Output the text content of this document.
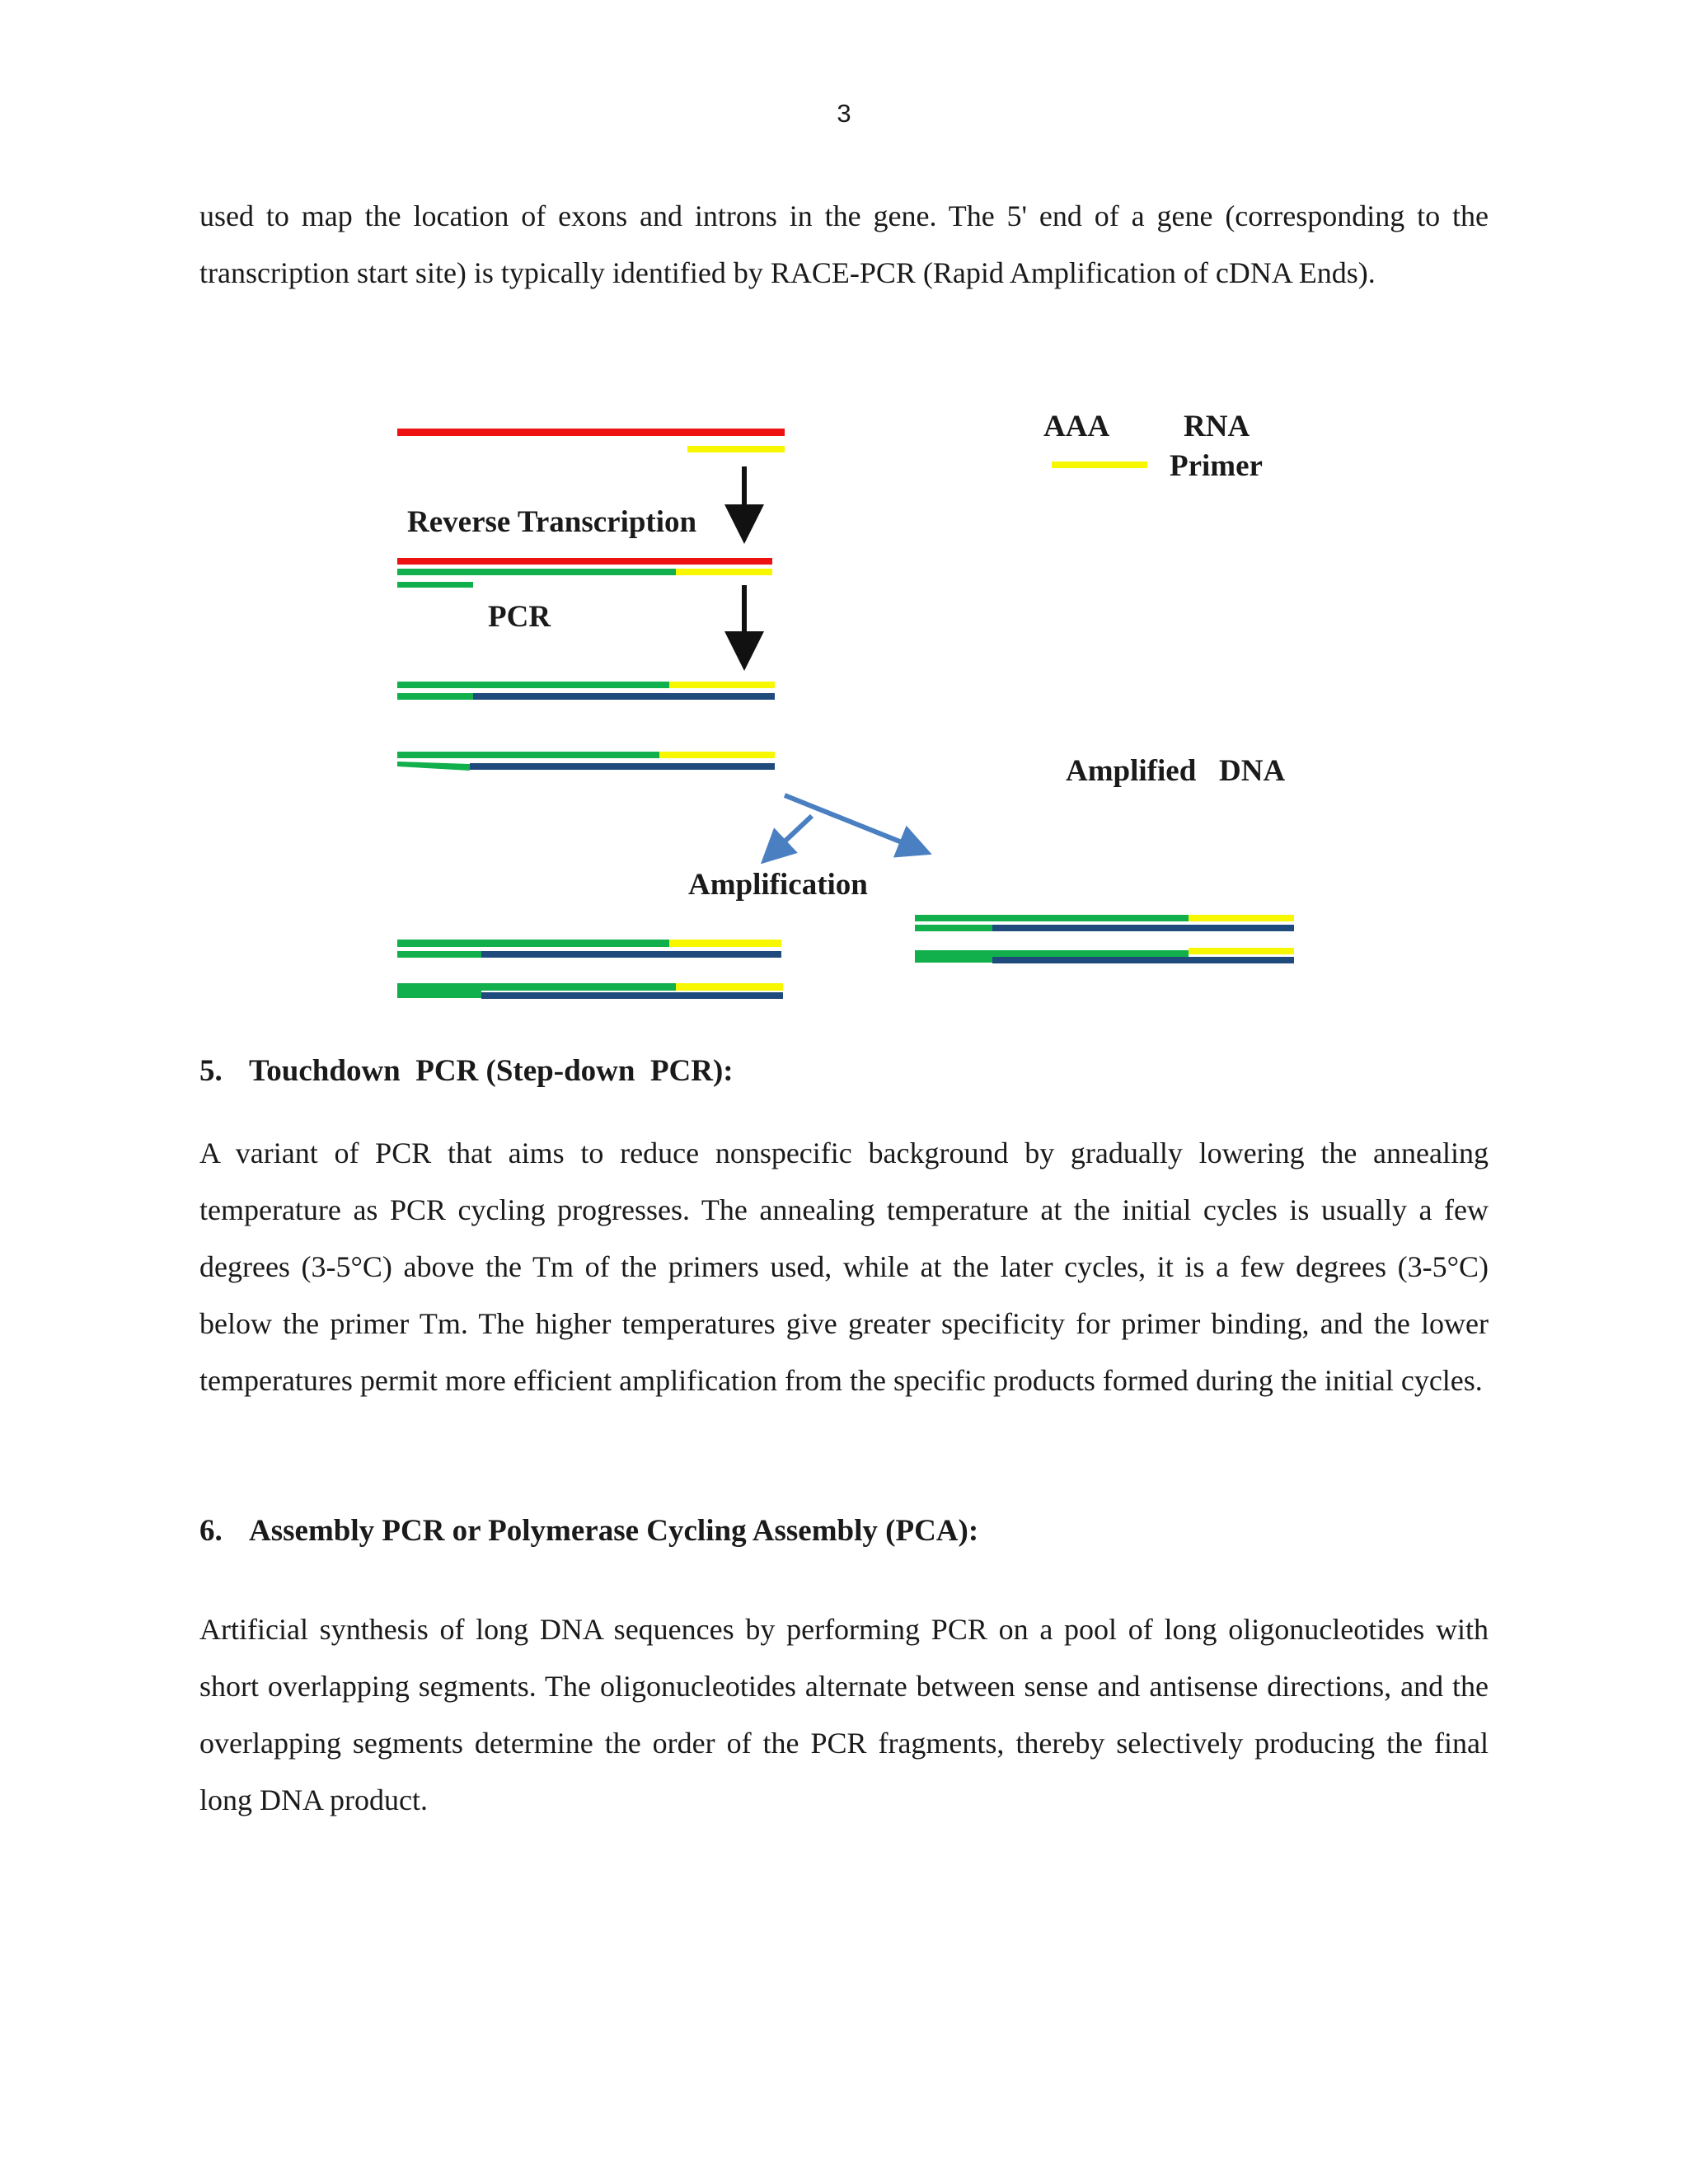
3

used to map the location of exons and introns in the gene. The 5' end of a gene (corresponding to the transcription start site) is typically identified by RACE-PCR (Rapid Amplification of cDNA Ends).

Reverse Transcription
PCR
AAA RNA
Primer
Amplified   DNA
Amplification
5. Touchdown  PCR (Step-down  PCR):

A variant of PCR that aims to reduce nonspecific background by gradually lowering the annealing temperature as PCR cycling progresses. The annealing temperature at the initial cycles is usually a few degrees (3-5°C) above the Tm of the primers used, while at the later cycles, it is a few degrees (3-5°C) below the primer Tm. The higher temperatures give greater specificity for primer binding, and the lower temperatures permit more efficient amplification from the specific products formed during the initial cycles.

6. Assembly PCR or Polymerase Cycling Assembly (PCA):

Artificial synthesis of long DNA sequences by performing PCR on a pool of long oligonucleotides with short overlapping segments. The oligonucleotides alternate between sense and antisense directions, and the overlapping segments determine the order of the PCR fragments, thereby selectively producing the final long DNA product.
